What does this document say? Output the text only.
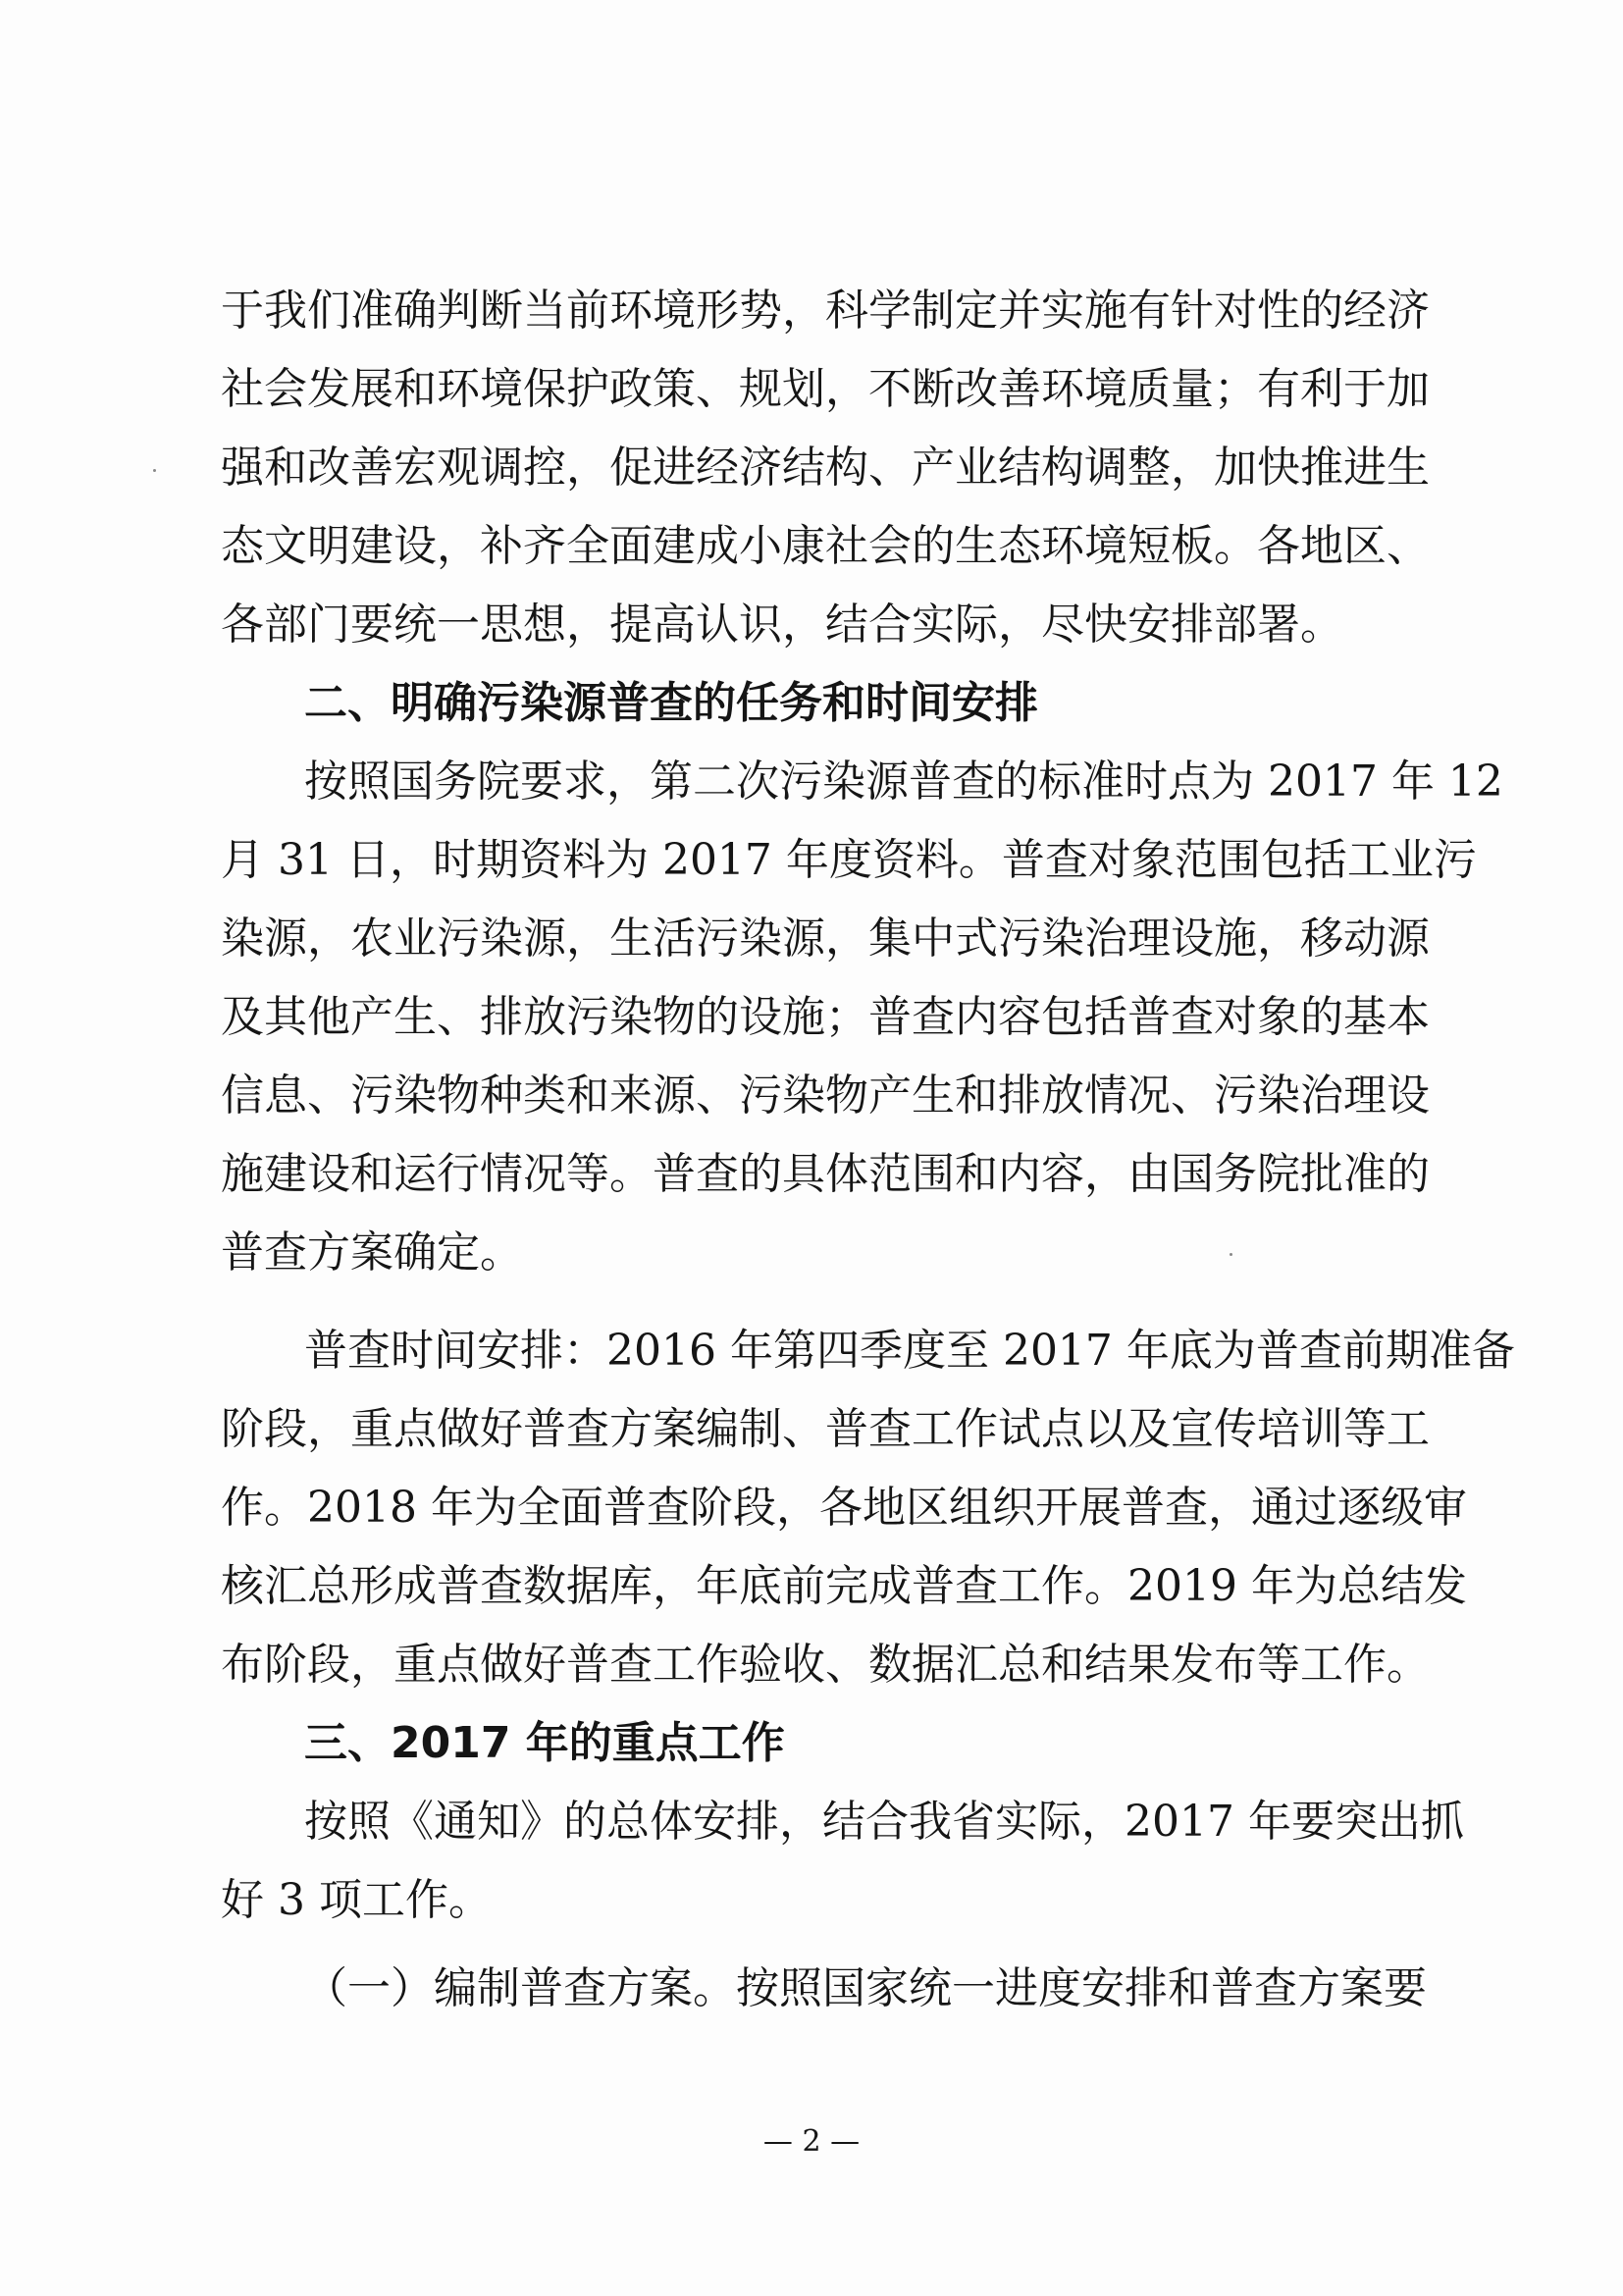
于我们准确判断当前环境形势，科学制定并实施有针对性的经济
社会发展和环境保护政策、规划，不断改善环境质量；有利于加
强和改善宏观调控，促进经济结构、产业结构调整，加快推进生
态文明建设，补齐全面建成小康社会的生态环境短板。各地区、
各部门要统一思想，提高认识，结合实际，尽快安排部署。
二、明确污染源普查的任务和时间安排
按照国务院要求，第二次污染源普查的标准时点为 2017 年 12
月 31 日，时期资料为 2017 年度资料。普查对象范围包括工业污
染源，农业污染源，生活污染源，集中式污染治理设施，移动源
及其他产生、排放污染物的设施；普查内容包括普查对象的基本
信息、污染物种类和来源、污染物产生和排放情况、污染治理设
施建设和运行情况等。普查的具体范围和内容，由国务院批准的
普查方案确定。
普查时间安排：2016 年第四季度至 2017 年底为普查前期准备
阶段，重点做好普查方案编制、普查工作试点以及宣传培训等工
作。2018 年为全面普查阶段，各地区组织开展普查，通过逐级审
核汇总形成普查数据库，年底前完成普查工作。2019 年为总结发
布阶段，重点做好普查工作验收、数据汇总和结果发布等工作。
三、2017 年的重点工作
按照《通知》的总体安排，结合我省实际，2017 年要突出抓
好 3 项工作。
（一）编制普查方案。按照国家统一进度安排和普查方案要
— 2 —
